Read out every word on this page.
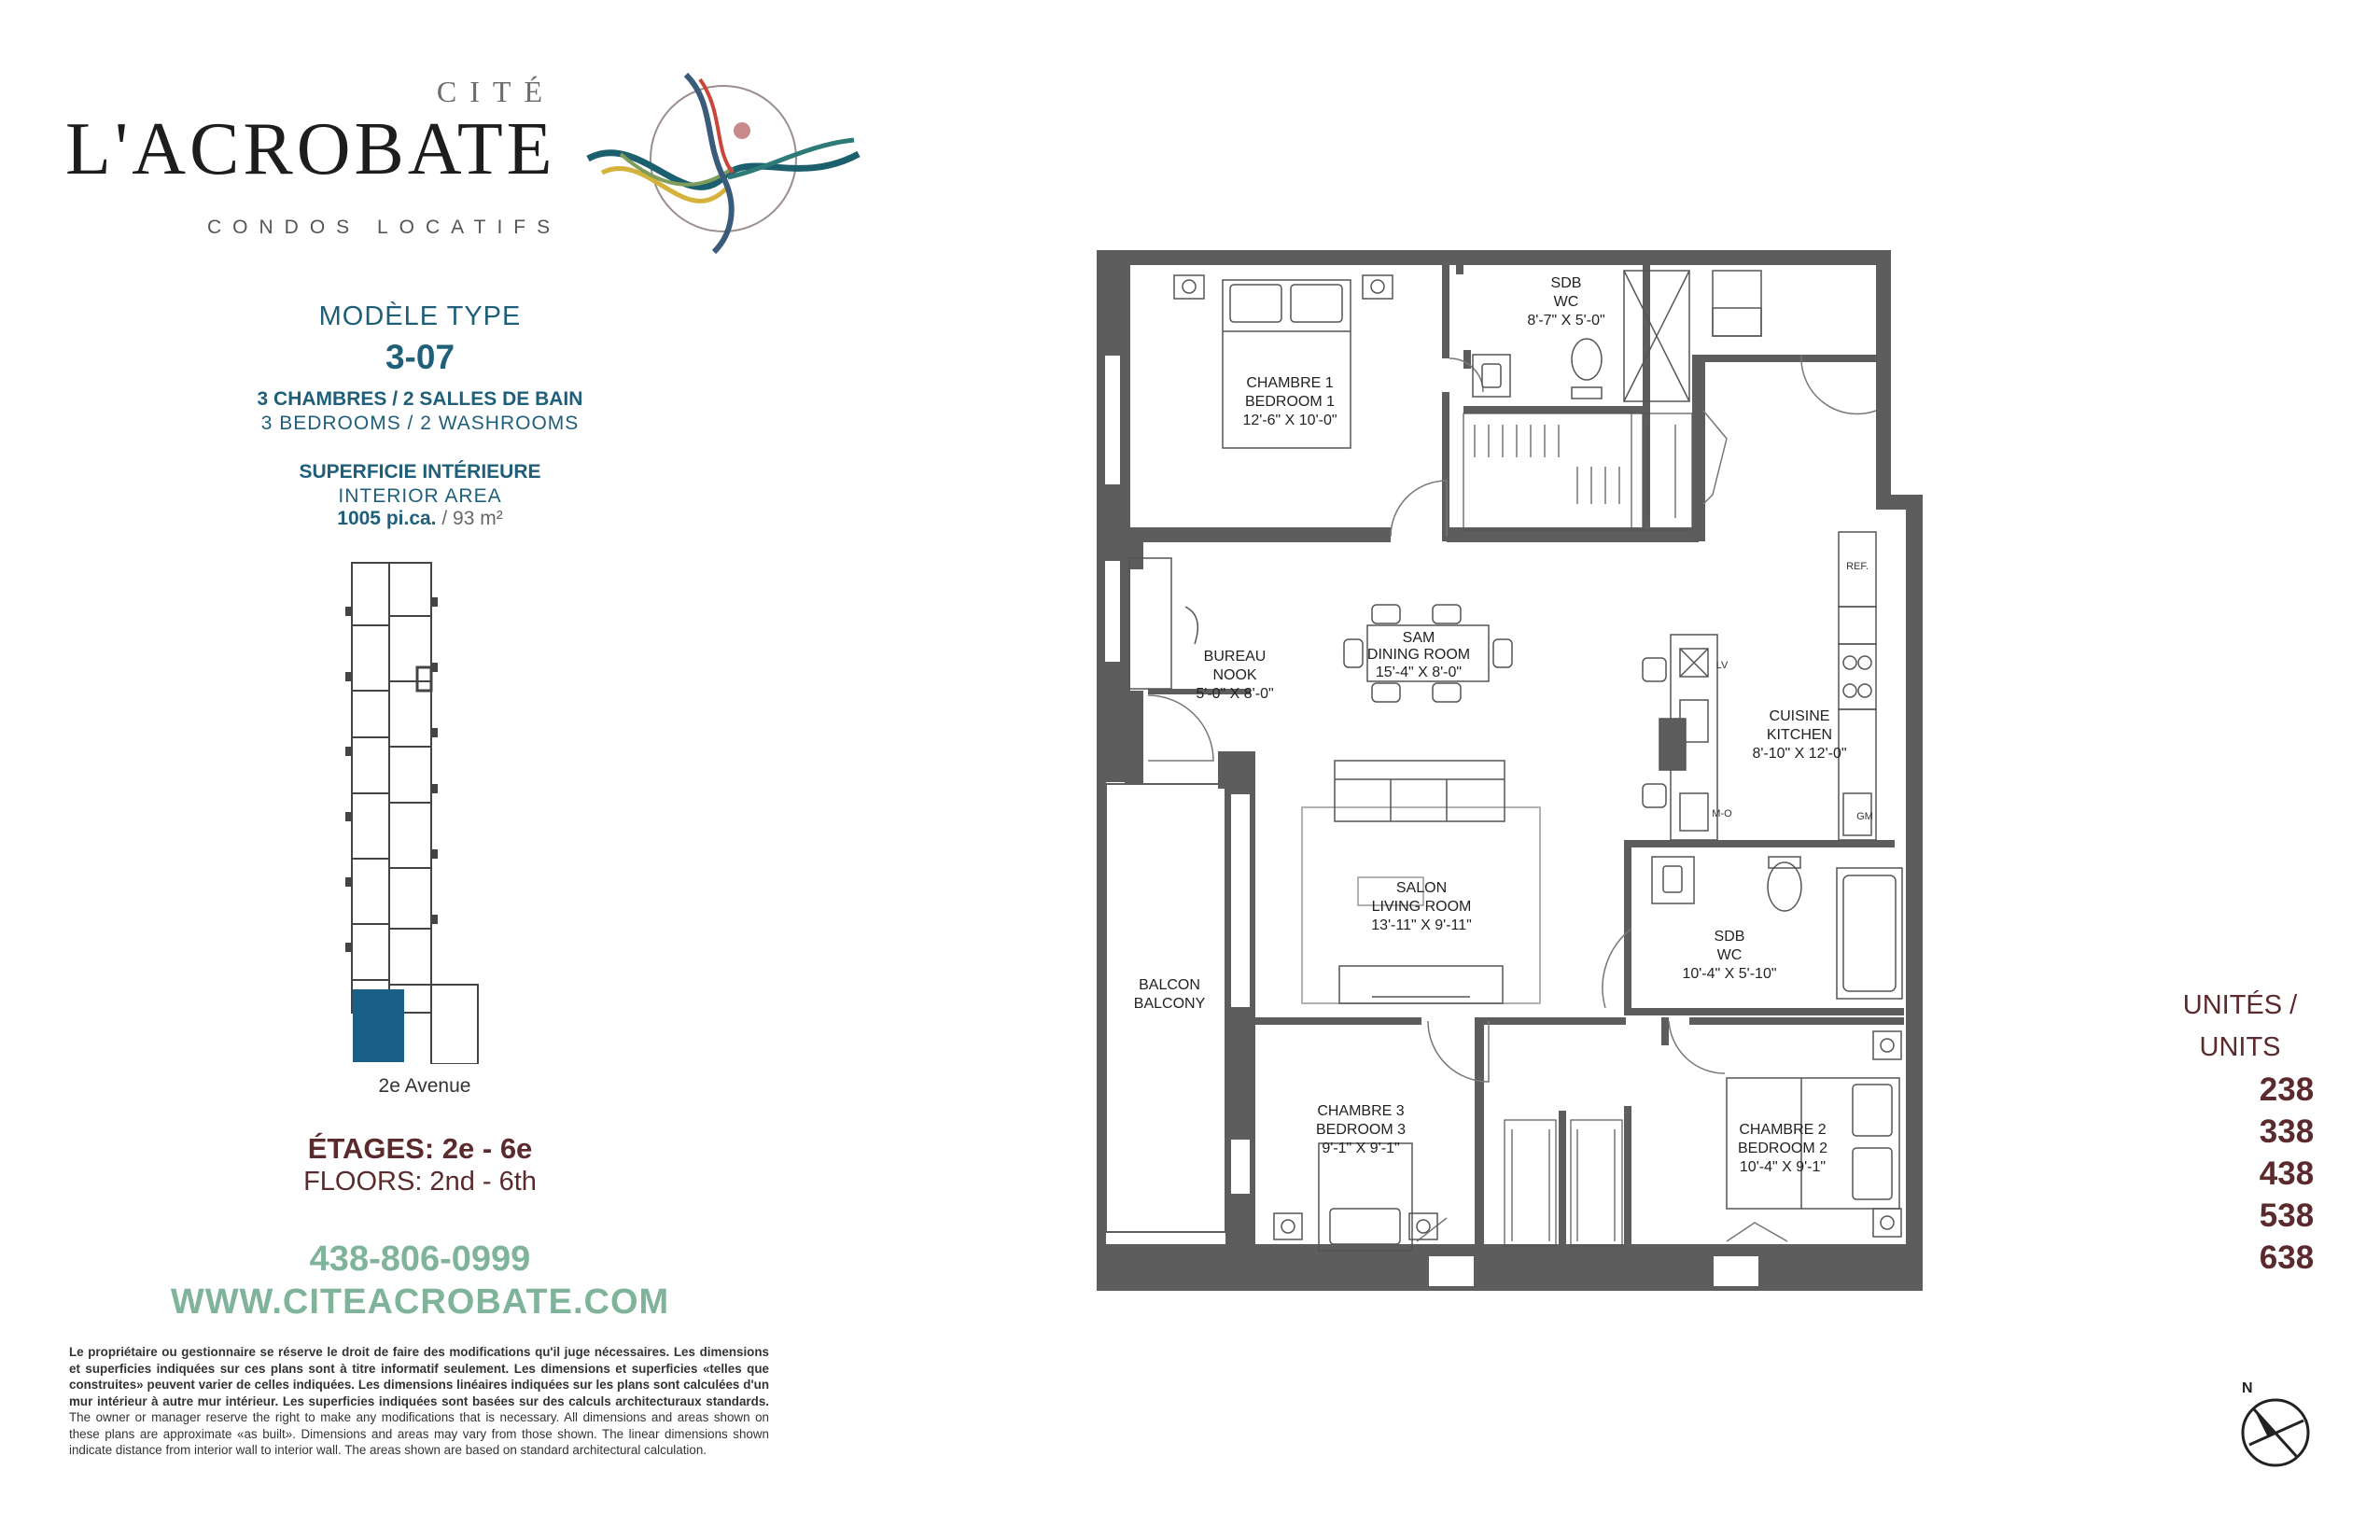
CITÉ
L'ACROBATE
CONDOS LOCATIFS
MODÈLE TYPE
3-07
3 CHAMBRES / 2 SALLES DE BAIN
3 BEDROOMS / 2 WASHROOMS
SUPERFICIE INTÉRIEURE
INTERIOR AREA
1005 pi.ca. / 93 m²
2e Avenue
ÉTAGES: 2e - 6e
FLOORS: 2nd - 6th
438-806-0999
WWW.CITEACROBATE.COM
Le propriétaire ou gestionnaire se réserve le droit de faire des modifications qu'il juge nécessaires. Les dimensions et superficies indiquées sur ces plans sont à titre informatif seulement. Les dimensions et superficies «telles que construites» peuvent varier de celles indiquées. Les dimensions linéaires indiquées sur les plans sont calculées d'un mur intérieur à autre mur intérieur. Les superficies indiquées sont basées sur des calculs architecturaux standards. The owner or manager reserve the right to make any modifications that is necessary. All dimensions and areas shown on these plans are approximate «as built». Dimensions and areas may vary from those shown. The linear dimensions shown indicate distance from interior wall to interior wall. The areas shown are based on standard architectural calculation.
SDB
WC
8'-7" X 5'-0"
CHAMBRE 1
BEDROOM 1
12'-6" X 10'-0"
BUREAU
NOOK
5'-0" X 8'-0"
SAM
DINING ROOM
15'-4" X 8'-0"
CUISINE
KITCHEN
8'-10" X 12'-0"
SALON
LIVING ROOM
13'-11" X 9'-11"
BALCON
BALCONY
SDB
WC
10'-4" X 5'-10"
CHAMBRE 3
BEDROOM 3
9'-1" X 9'-1"
CHAMBRE 2
BEDROOM 2
10'-4" X 9'-1"
REF.
LV
M-O	GM
UNITÉS /
UNITS
238
338
438
538
638
N
